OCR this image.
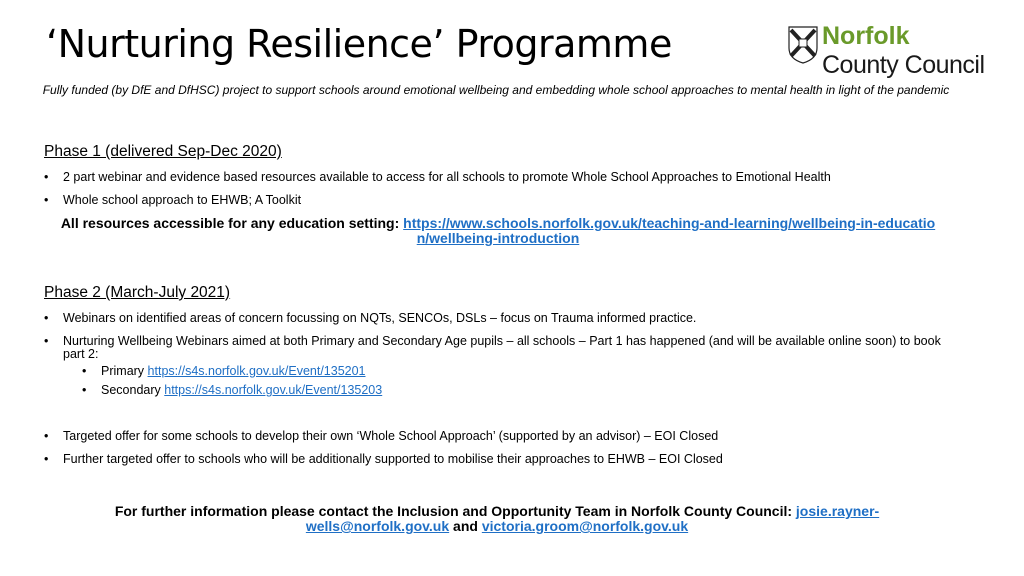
‘Nurturing Resilience’ Programme	Norfolk
County Council
Fully funded (by DfE and DfHSC) project to support schools around emotional wellbeing and embedding whole school approaches to mental health in light of the pandemic
Phase 1 (delivered Sep-Dec 2020)
• 2 part webinar and evidence based resources available to access for all schools to promote Whole School Approaches to Emotional Health
• Whole school approach to EHWB; A Toolkit
All resources accessible for any education setting: https://www.schools.norfolk.gov.uk/teaching-and-learning/wellbeing-in-education/wellbeing-introduction
Phase 2 (March-July 2021)
• Webinars on identified areas of concern focussing on NQTs, SENCOs, DSLs – focus on Trauma informed practice.
• Nurturing Wellbeing Webinars aimed at both Primary and Secondary Age pupils – all schools – Part 1 has happened (and will be available online soon) to book part 2:
• Primary https://s4s.norfolk.gov.uk/Event/135201
• Secondary https://s4s.norfolk.gov.uk/Event/135203
• Targeted offer for some schools to develop their own ‘Whole School Approach’ (supported by an advisor) – EOI Closed
• Further targeted offer to schools who will be additionally supported to mobilise their approaches to EHWB – EOI Closed
For further information please contact the Inclusion and Opportunity Team in Norfolk County Council: josie.rayner-wells@norfolk.gov.uk and victoria.groom@norfolk.gov.uk
